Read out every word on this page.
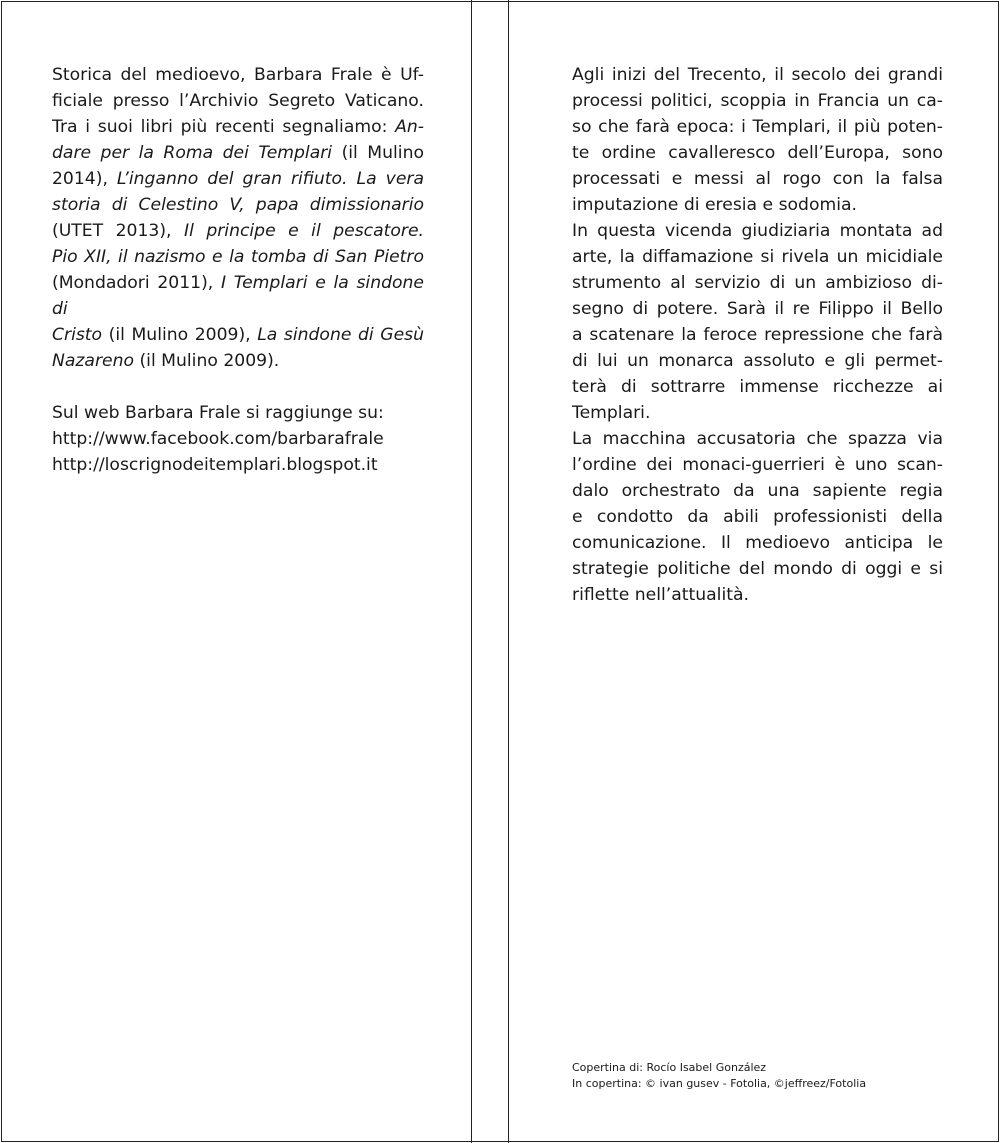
Storica del medioevo, Barbara Frale è Uf-
ficiale presso l’Archivio Segreto Vaticano.
Tra i suoi libri più recenti segnaliamo: An-
dare per la Roma dei Templari (il Mulino
2014), L’inganno del gran rifiuto. La vera
storia di Celestino V, papa dimissionario
(UTET 2013), Il principe e il pescatore.
Pio XII, il nazismo e la tomba di San Pietro
(Mondadori 2011), I Templari e la sindone di
Cristo (il Mulino 2009), La sindone di Gesù
Nazareno (il Mulino 2009).
Sul web Barbara Frale si raggiunge su:
http://www.facebook.com/barbarafrale
http://loscrignodeitemplari.blogspot.it
Agli inizi del Trecento, il secolo dei grandi
processi politici, scoppia in Francia un ca-
so che farà epoca: i Templari, il più poten-
te ordine cavalleresco dell’Europa, sono
processati e messi al rogo con la falsa
imputazione di eresia e sodomia.
In questa vicenda giudiziaria montata ad
arte, la diffamazione si rivela un micidiale
strumento al servizio di un ambizioso di-
segno di potere. Sarà il re Filippo il Bello
a scatenare la feroce repressione che farà
di lui un monarca assoluto e gli permet-
terà di sottrarre immense ricchezze ai
Templari.
La macchina accusatoria che spazza via
l’ordine dei monaci-guerrieri è uno scan-
dalo orchestrato da una sapiente regia
e condotto da abili professionisti della
comunicazione. Il medioevo anticipa le
strategie politiche del mondo di oggi e si
riflette nell’attualità.
Copertina di: Rocío Isabel González
In copertina: © ivan gusev - Fotolia, ©jeffreez/Fotolia
